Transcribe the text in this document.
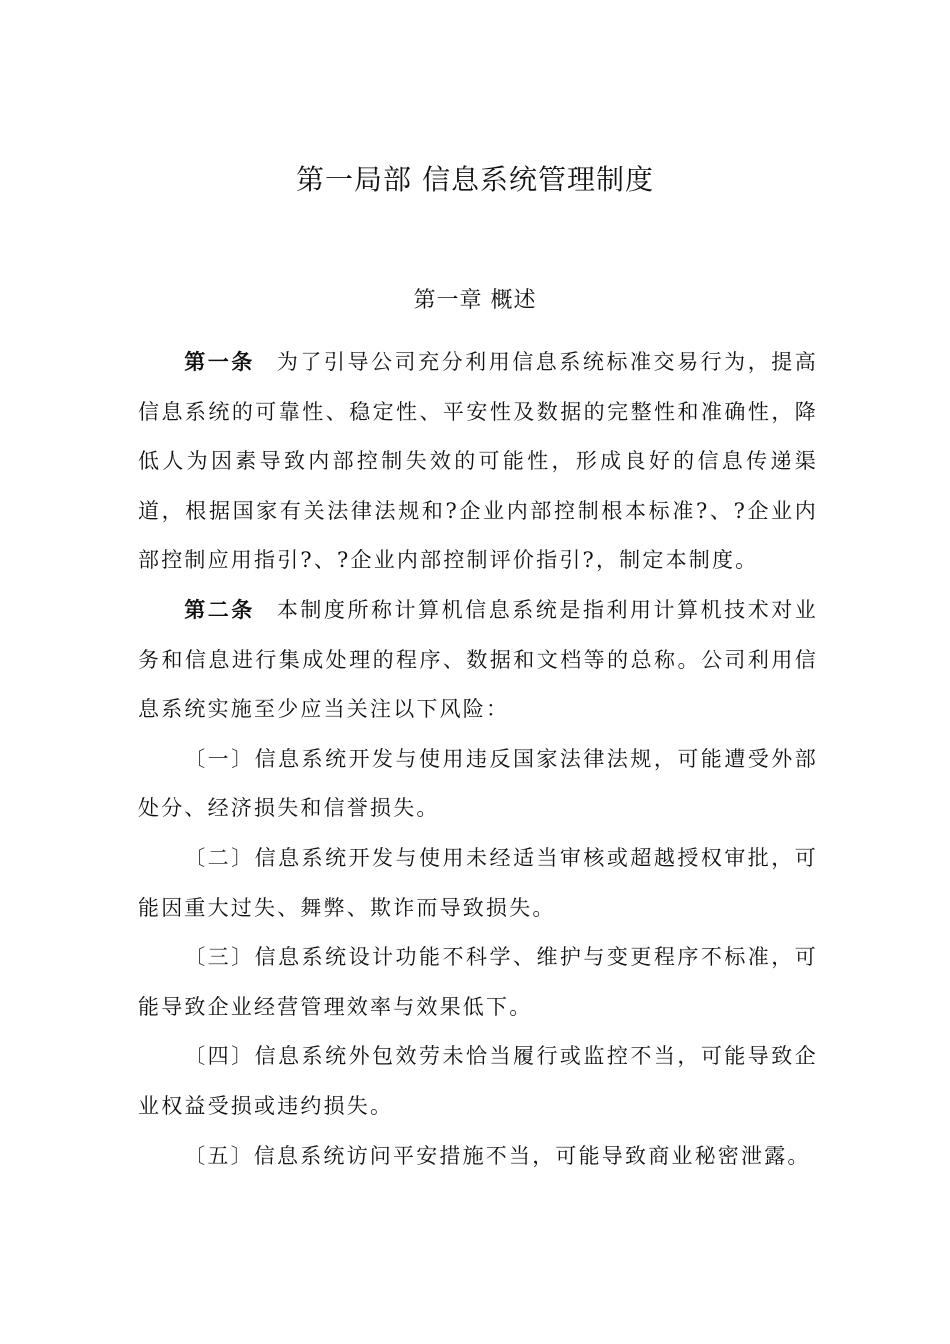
第一局部 信息系统管理制度
第一章 概述

第一条 为了引导公司充分利用信息系统标准交易行为，提高信息系统的可靠性、稳定性、平安性及数据的完整性和准确性，降低人为因素导致内部控制失效的可能性，形成良好的信息传递渠道，根据国家有关法律法规和?企业内部控制根本标准?、?企业内部控制应用指引?、?企业内部控制评价指引?，制定本制度。

第二条 本制度所称计算机信息系统是指利用计算机技术对业务和信息进行集成处理的程序、数据和文档等的总称。公司利用信息系统实施至少应当关注以下风险：

〔一〕信息系统开发与使用违反国家法律法规，可能遭受外部处分、经济损失和信誉损失。

〔二〕信息系统开发与使用未经适当审核或超越授权审批，可能因重大过失、舞弊、欺诈而导致损失。

〔三〕信息系统设计功能不科学、维护与变更程序不标准，可能导致企业经营管理效率与效果低下。

〔四〕信息系统外包效劳未恰当履行或监控不当，可能导致企业权益受损或违约损失。

〔五〕信息系统访问平安措施不当，可能导致商业秘密泄露。
